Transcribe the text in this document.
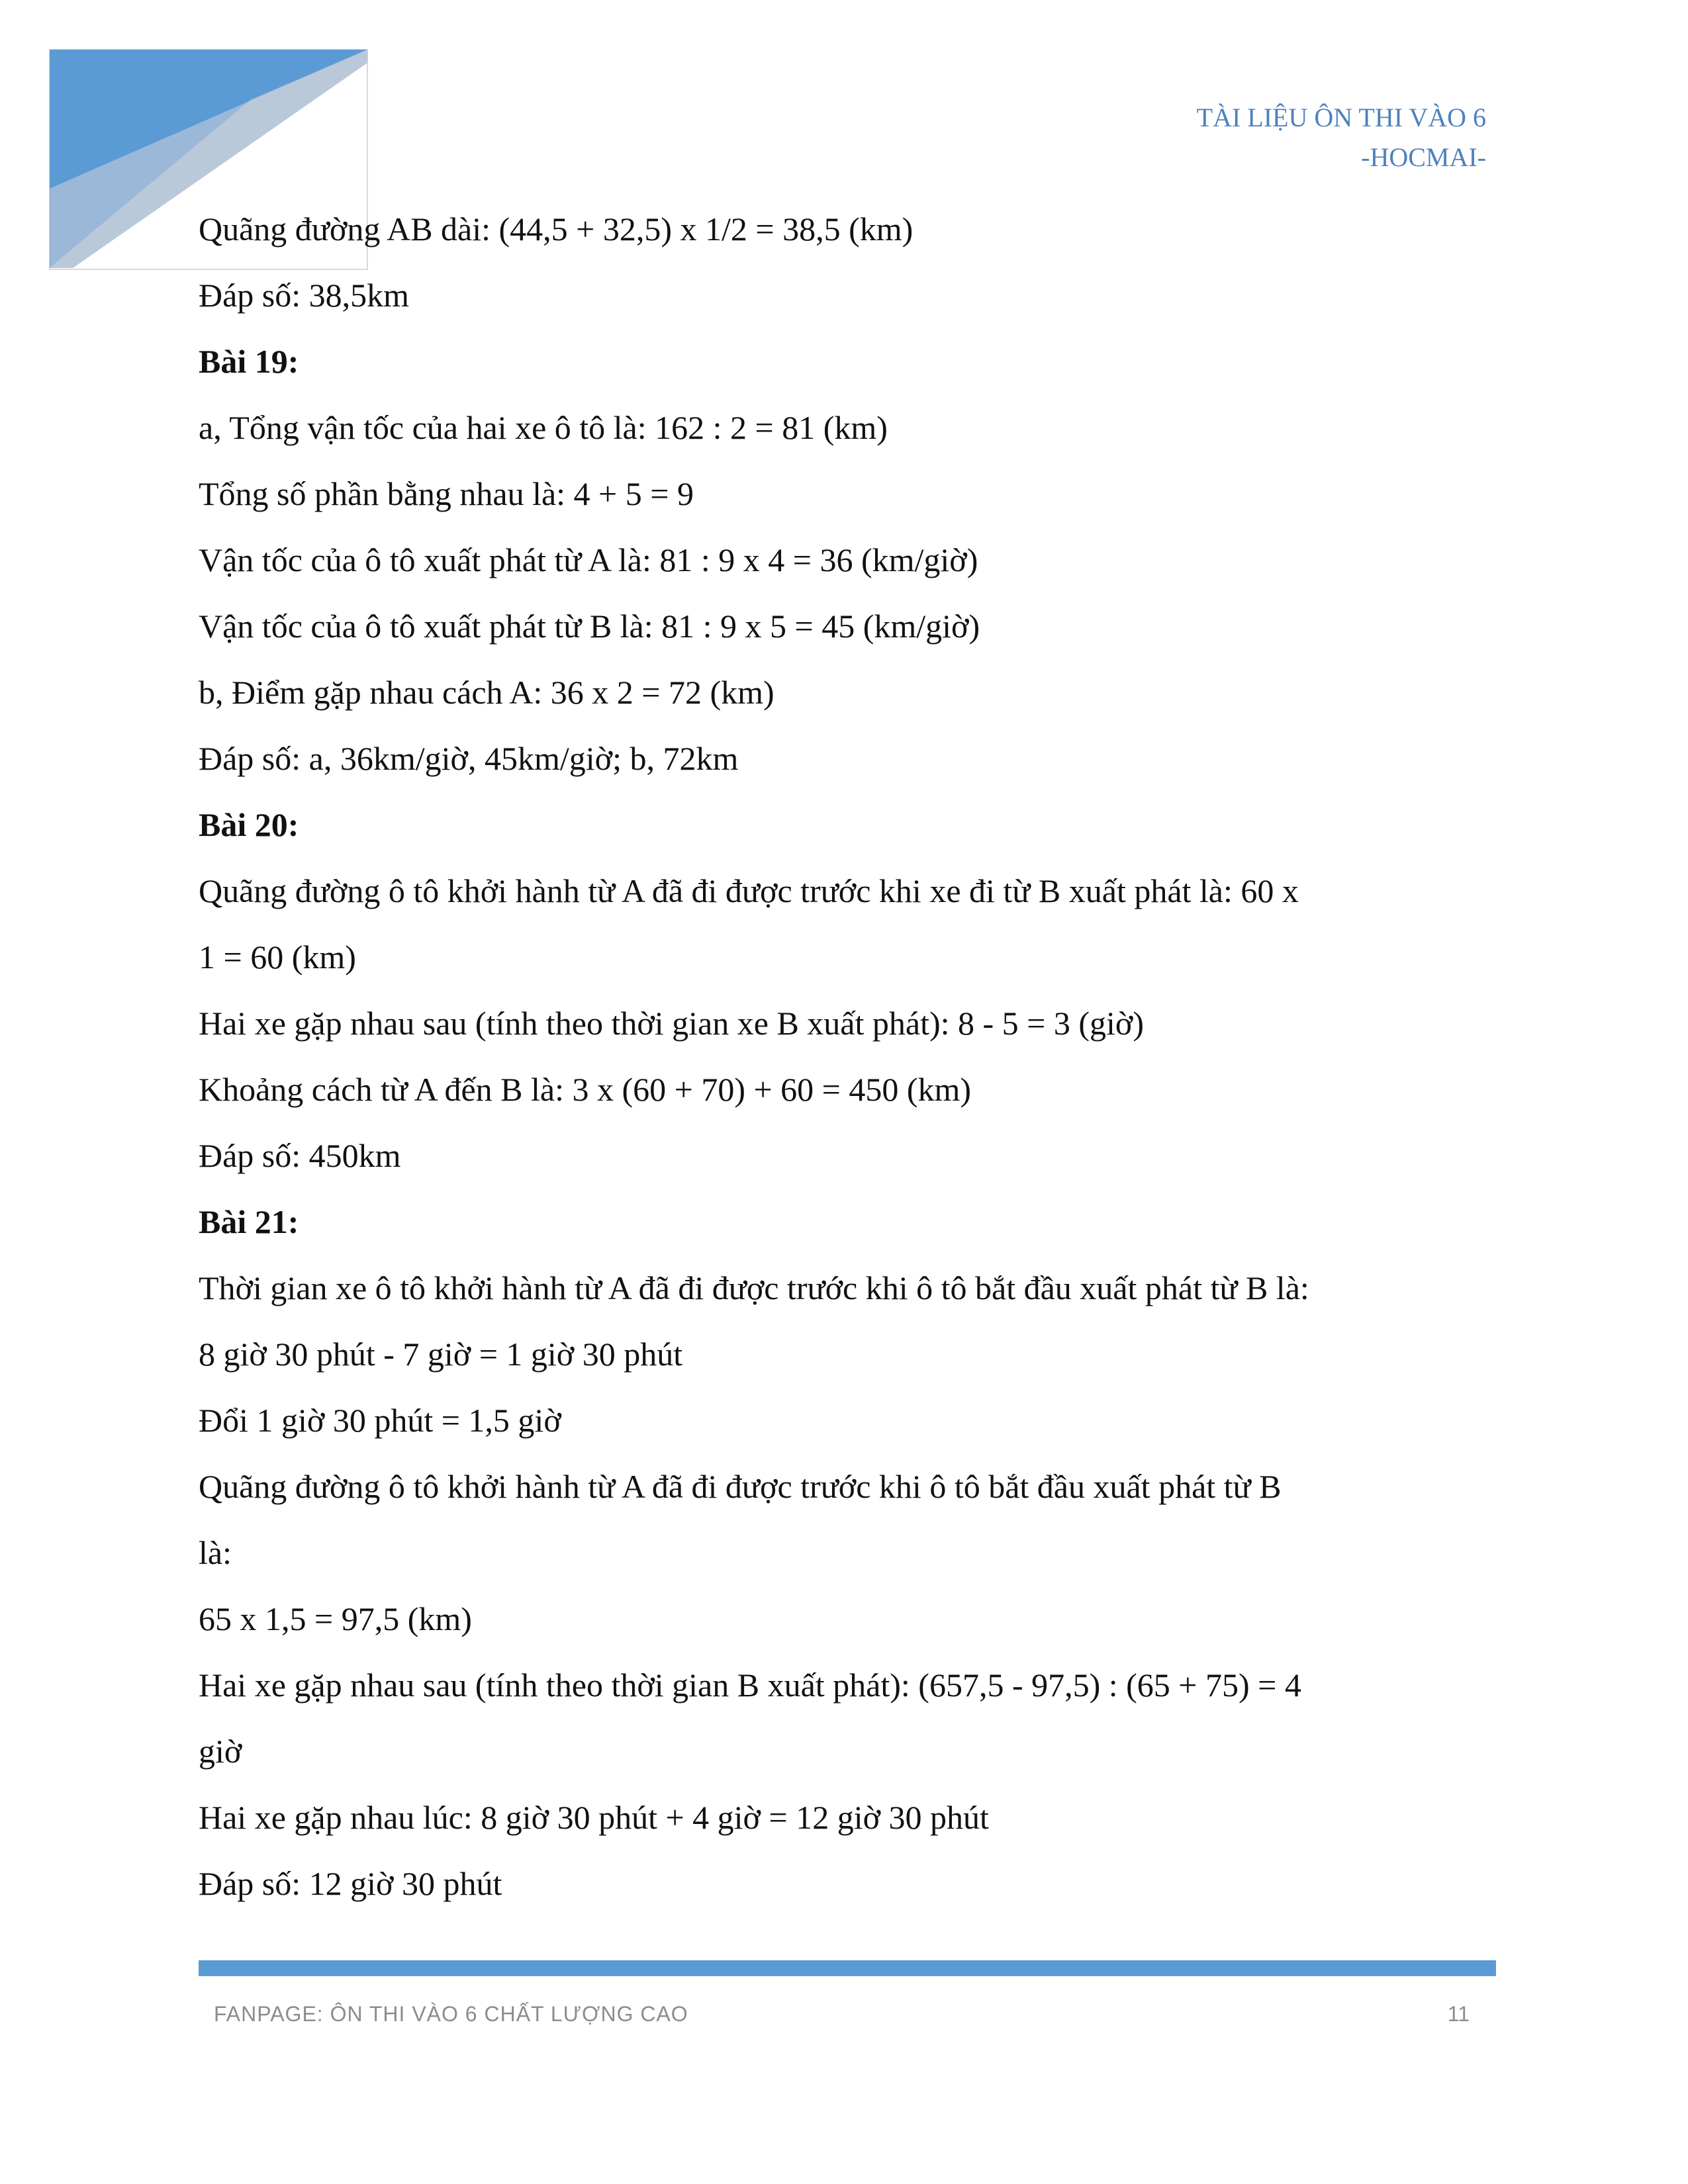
TÀI LIỆU ÔN THI VÀO 6
-HOCMAI-

Quãng đường AB dài: (44,5 + 32,5) x 1/2 = 38,5 (km)

Đáp số: 38,5km

Bài 19:

a, Tổng vận tốc của hai xe ô tô là: 162 : 2 = 81 (km)

Tổng số phần bằng nhau là: 4 + 5 = 9

Vận tốc của ô tô xuất phát từ A là: 81 : 9 x 4 = 36 (km/giờ)

Vận tốc của ô tô xuất phát từ B là: 81 : 9 x 5 = 45 (km/giờ)

b, Điểm gặp nhau cách A: 36 x 2 = 72 (km)

Đáp số: a, 36km/giờ, 45km/giờ; b, 72km

Bài 20:

Quãng đường ô tô khởi hành từ A đã đi được trước khi xe đi từ B xuất phát là: 60 x

1 = 60 (km)

Hai xe gặp nhau sau (tính theo thời gian xe B xuất phát): 8 - 5 = 3 (giờ)

Khoảng cách từ A đến B là: 3 x (60 + 70) + 60 = 450 (km)

Đáp số: 450km

Bài 21:

Thời gian xe ô tô khởi hành từ A đã đi được trước khi ô tô bắt đầu xuất phát từ B là:

8 giờ 30 phút - 7 giờ = 1 giờ 30 phút

Đổi 1 giờ 30 phút = 1,5 giờ

Quãng đường ô tô khởi hành từ A đã đi được trước khi ô tô bắt đầu xuất phát từ B

là:

65 x 1,5 = 97,5 (km)

Hai xe gặp nhau sau (tính theo thời gian B xuất phát): (657,5 - 97,5) : (65 + 75) = 4

giờ

Hai xe gặp nhau lúc: 8 giờ 30 phút + 4 giờ = 12 giờ 30 phút

Đáp số: 12 giờ 30 phút

FANPAGE: ÔN THI VÀO 6 CHẤT LƯỢNG CAO	11
